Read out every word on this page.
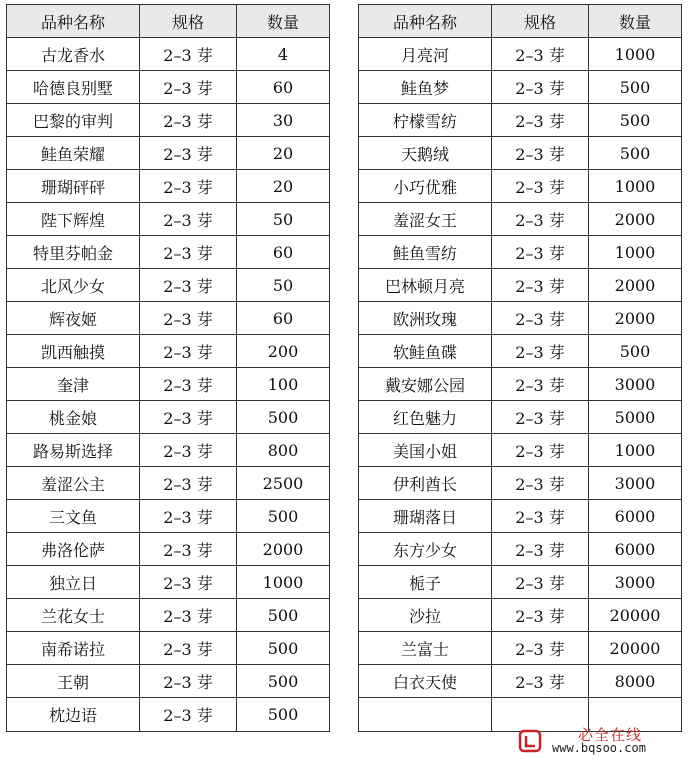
品种名称	规格	数量
古龙香水	2–3 芽	4
哈德良别墅	2–3 芽	60
巴黎的审判	2–3 芽	30
鲑鱼荣耀	2–3 芽	20
珊瑚砰砰	2–3 芽	20
陛下辉煌	2–3 芽	50
特里芬帕金	2–3 芽	60
北风少女	2–3 芽	50
辉夜姬	2–3 芽	60
凯西触摸	2–3 芽	200
奎津	2–3 芽	100
桃金娘	2–3 芽	500
路易斯选择	2–3 芽	800
羞涩公主	2–3 芽	2500
三文鱼	2–3 芽	500
弗洛伦萨	2–3 芽	2000
独立日	2–3 芽	1000
兰花女士	2–3 芽	500
南希诺拉	2–3 芽	500
王朝	2–3 芽	500
枕边语	2–3 芽	500
品种名称	规格	数量
月亮河	2–3 芽	1000
鲑鱼梦	2–3 芽	500
柠檬雪纺	2–3 芽	500
天鹅绒	2–3 芽	500
小巧优雅	2–3 芽	1000
羞涩女王	2–3 芽	2000
鲑鱼雪纺	2–3 芽	1000
巴林顿月亮	2–3 芽	2000
欧洲玫瑰	2–3 芽	2000
软鲑鱼碟	2–3 芽	500
戴安娜公园	2–3 芽	3000
红色魅力	2–3 芽	5000
美国小姐	2–3 芽	1000
伊利酋长	2–3 芽	3000
珊瑚落日	2–3 芽	6000
东方少女	2–3 芽	6000
栀子	2–3 芽	3000
沙拉	2–3 芽	20000
兰富士	2–3 芽	20000
白衣天使	2–3 芽	8000

必全在线
www.bqsoo.com
